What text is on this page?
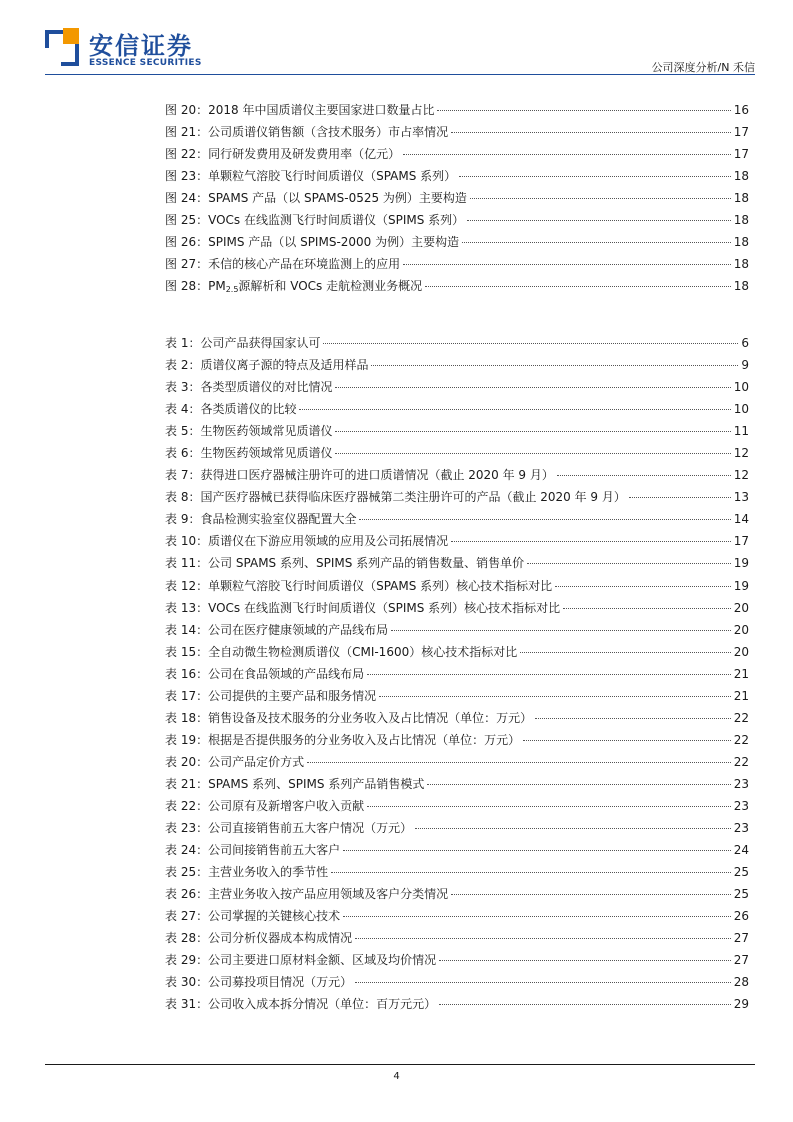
安信证券
ESSENCE SECURITIES	公司深度分析/N 禾信
图 20：2018 年中国质谱仪主要国家进口数量占比	16
图 21：公司质谱仪销售额（含技术服务）市占率情况	17
图 22：同行研发费用及研发费用率（亿元）	17
图 23：单颗粒气溶胶飞行时间质谱仪（SPAMS 系列）	18
图 24：SPAMS 产品（以 SPAMS-0525 为例）主要构造	18
图 25：VOCs 在线监测飞行时间质谱仪（SPIMS 系列）	18
图 26：SPIMS 产品（以 SPIMS-2000 为例）主要构造	18
图 27：禾信的核心产品在环境监测上的应用	18
图 28：$PM_{2.5}$源解析和 VOCs 走航检测业务概况	18
表 1：公司产品获得国家认可	6
表 2：质谱仪离子源的特点及适用样品	9
表 3：各类型质谱仪的对比情况	10
表 4：各类质谱仪的比较	10
表 5：生物医药领域常见质谱仪	11
表 6：生物医药领域常见质谱仪	12
表 7：获得进口医疗器械注册许可的进口质谱情况（截止 2020 年 9 月）	12
表 8：国产医疗器械已获得临床医疗器械第二类注册许可的产品（截止 2020 年 9 月）	13
表 9：食品检测实验室仪器配置大全	14
表 10：质谱仪在下游应用领域的应用及公司拓展情况	17
表 11：公司 SPAMS 系列、SPIMS 系列产品的销售数量、销售单价	19
表 12：单颗粒气溶胶飞行时间质谱仪（SPAMS 系列）核心技术指标对比	19
表 13：VOCs 在线监测飞行时间质谱仪（SPIMS 系列）核心技术指标对比	20
表 14：公司在医疗健康领域的产品线布局	20
表 15：全自动微生物检测质谱仪（CMI-1600）核心技术指标对比	20
表 16：公司在食品领域的产品线布局	21
表 17：公司提供的主要产品和服务情况	21
表 18：销售设备及技术服务的分业务收入及占比情况（单位：万元）	22
表 19：根据是否提供服务的分业务收入及占比情况（单位：万元）	22
表 20：公司产品定价方式	22
表 21：SPAMS 系列、SPIMS 系列产品销售模式	23
表 22：公司原有及新增客户收入贡献	23
表 23：公司直接销售前五大客户情况（万元）	23
表 24：公司间接销售前五大客户	24
表 25：主营业务收入的季节性	25
表 26：主营业务收入按产品应用领域及客户分类情况	25
表 27：公司掌握的关键核心技术	26
表 28：公司分析仪器成本构成情况	27
表 29：公司主要进口原材料金额、区域及均价情况	27
表 30：公司募投项目情况（万元）	28
表 31：公司收入成本拆分情况（单位：百万元元）	29
4
